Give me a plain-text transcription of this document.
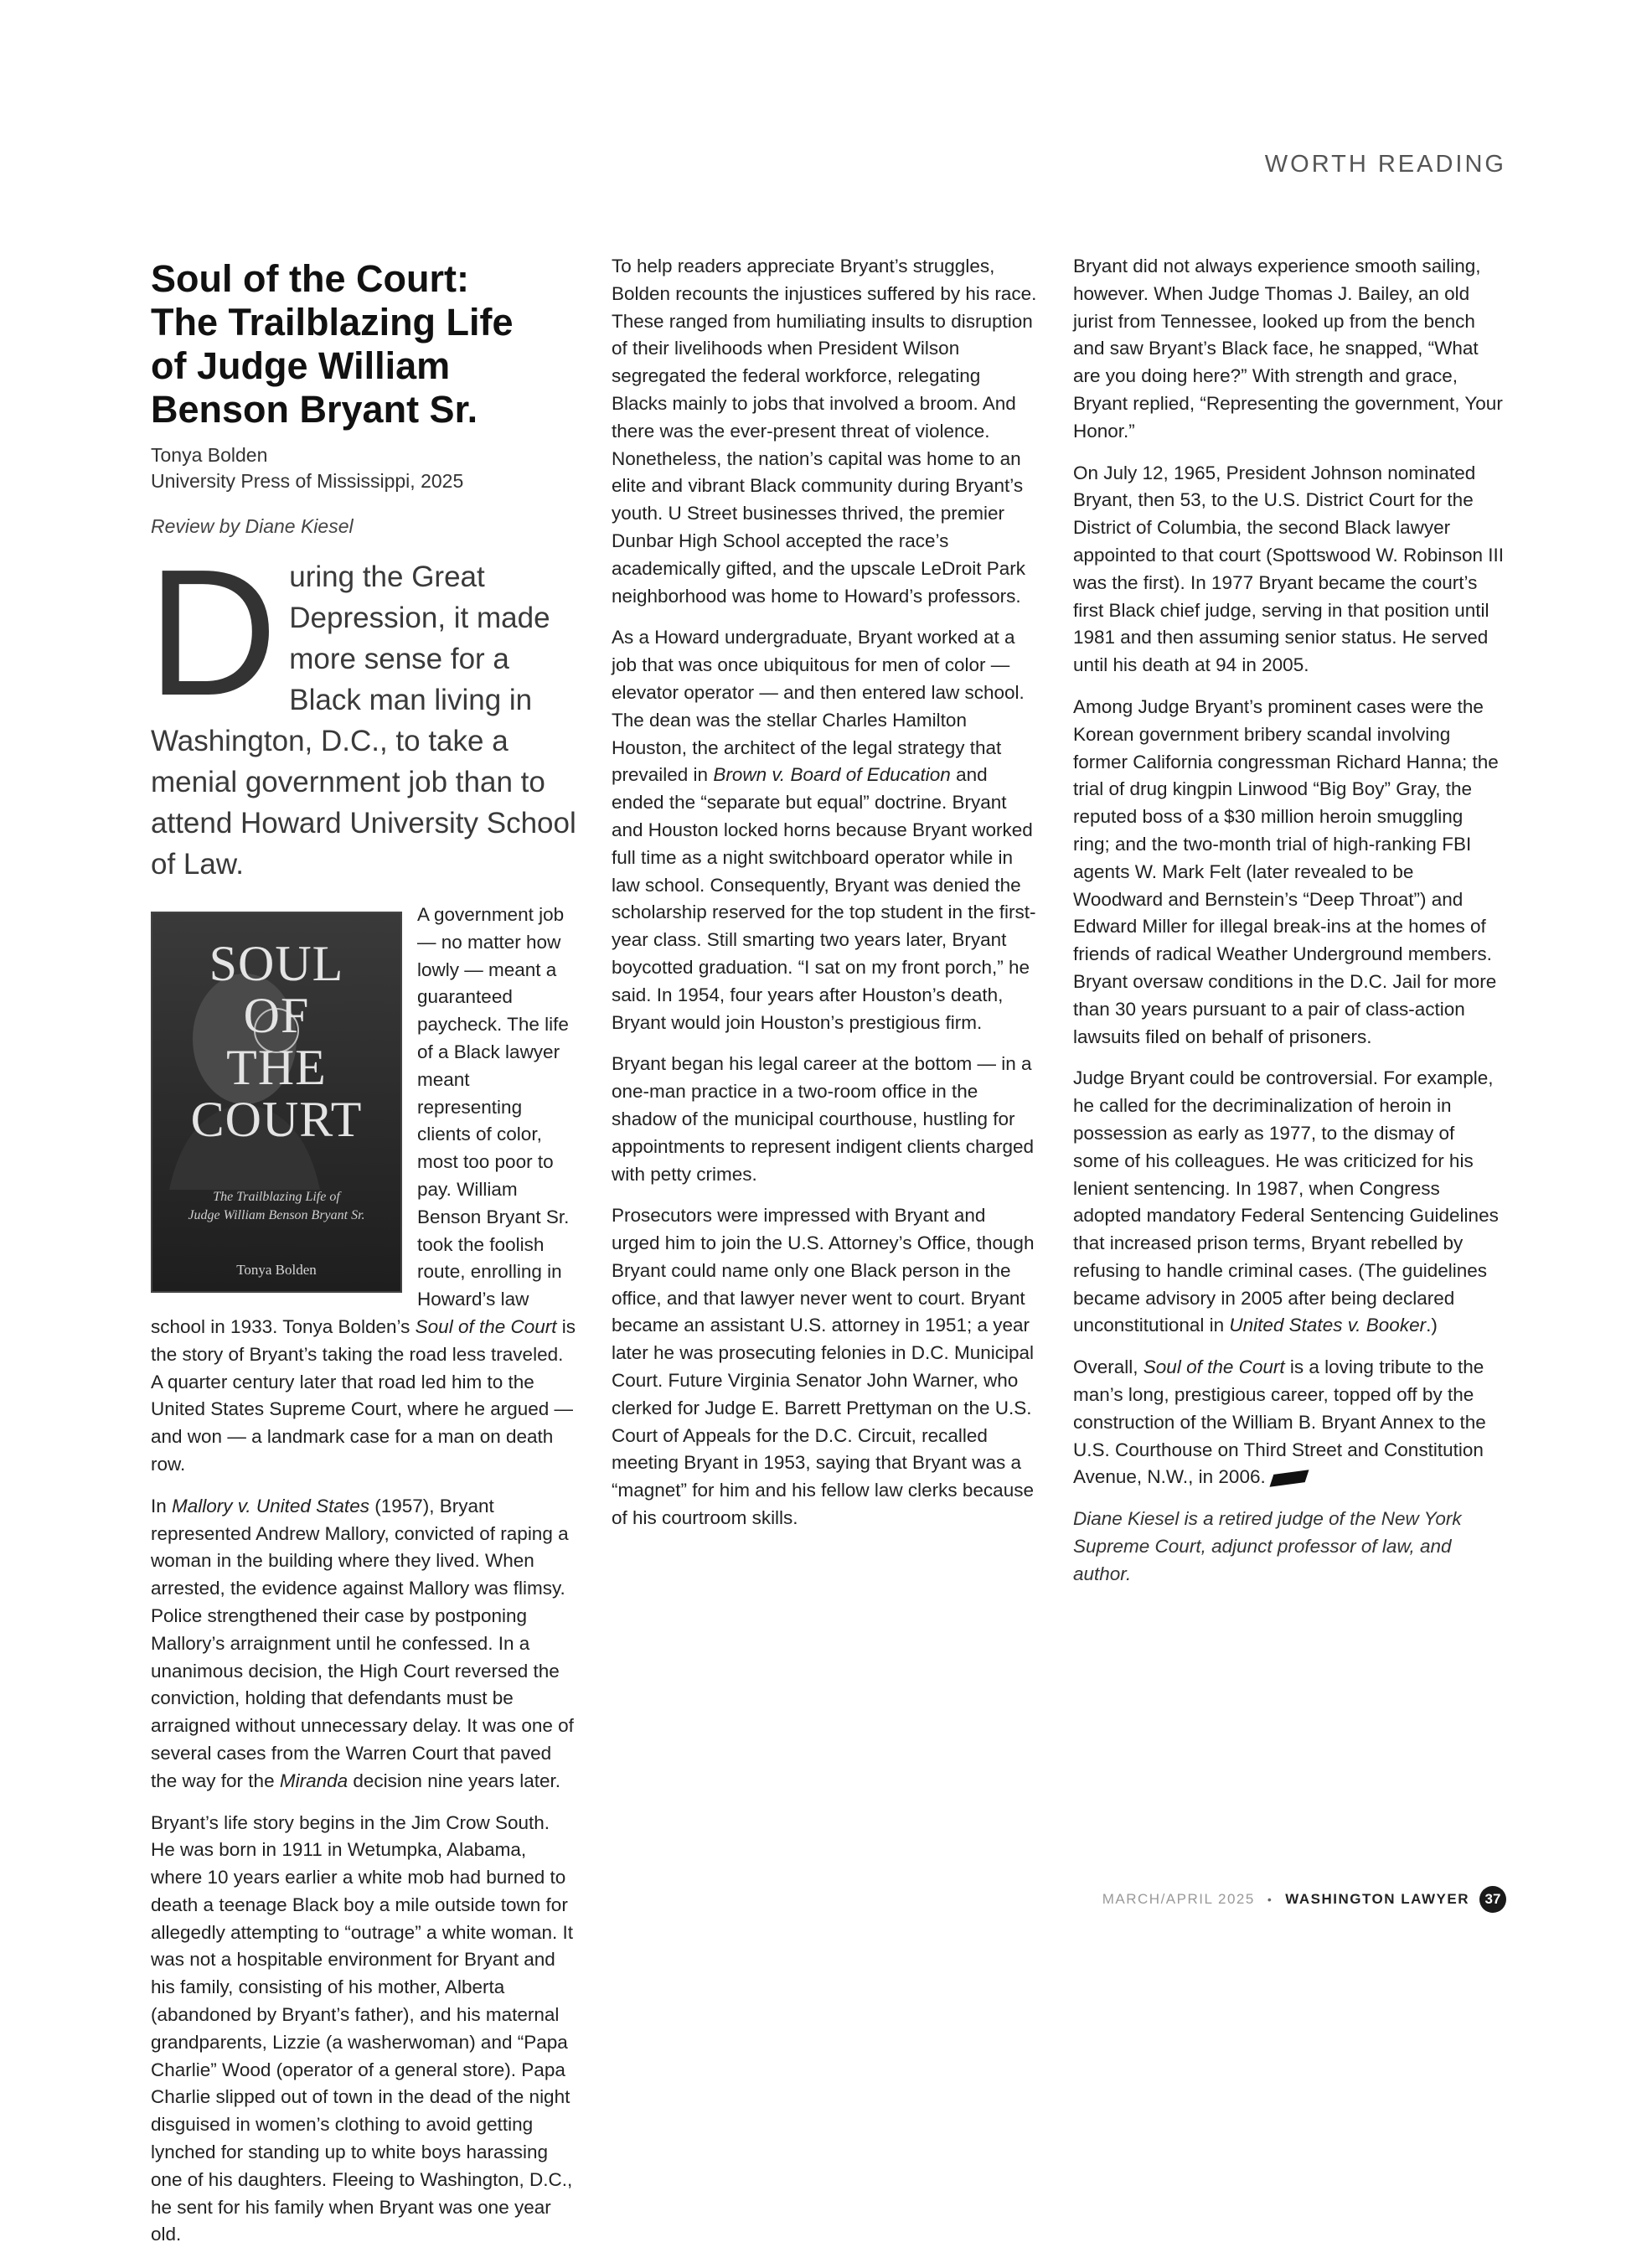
WORTH READING
Soul of the Court:
The Trailblazing Life
of Judge William
Benson Bryant Sr.
Tonya Bolden
University Press of Mississippi, 2025
Review by Diane Kiesel
During the Great Depression, it made more sense for a Black man living in Washington, D.C., to take a menial government job than to attend Howard University School of Law.
SOUL
OF
THE
COURT
The Trailblazing Life of
Judge William Benson Bryant Sr.
Tonya Bolden

A government job — no matter how lowly — meant a guaranteed paycheck. The life of a Black lawyer meant representing clients of color, most too poor to pay. William Benson Bryant Sr. took the foolish route, enrolling in Howard’s law school in 1933. Tonya Bolden’s Soul of the Court is the story of Bryant’s taking the road less traveled. A quarter century later that road led him to the United States Supreme Court, where he argued — and won — a landmark case for a man on death row.

In Mallory v. United States (1957), Bryant represented Andrew Mallory, convicted of raping a woman in the building where they lived. When arrested, the evidence against Mallory was flimsy. Police strengthened their case by postponing Mallory’s arraignment until he confessed. In a unanimous decision, the High Court reversed the conviction, holding that defendants must be arraigned without unnecessary delay. It was one of several cases from the Warren Court that paved the way for the Miranda decision nine years later.

Bryant’s life story begins in the Jim Crow South. He was born in 1911 in Wetumpka, Alabama, where 10 years earlier a white mob had burned to death a teenage Black boy a mile outside town for allegedly attempting to “outrage” a white woman. It was not a hospitable environment for Bryant and his family, consisting of his mother, Alberta (abandoned by Bryant’s father), and his maternal grandparents, Lizzie (a washerwoman) and “Papa Charlie” Wood (operator of a general store). Papa Charlie slipped out of town in the dead of the night disguised in women’s clothing to avoid getting lynched for standing up to white boys harassing one of his daughters. Fleeing to Washington, D.C., he sent for his family when Bryant was one year old.

To help readers appreciate Bryant’s struggles, Bolden recounts the injustices suffered by his race. These ranged from humiliating insults to disruption of their livelihoods when President Wilson segregated the federal workforce, relegating Blacks mainly to jobs that involved a broom. And there was the ever-present threat of violence. Nonetheless, the nation’s capital was home to an elite and vibrant Black community during Bryant’s youth. U Street businesses thrived, the premier Dunbar High School accepted the race’s academically gifted, and the upscale LeDroit Park neighborhood was home to Howard’s professors.

As a Howard undergraduate, Bryant worked at a job that was once ubiquitous for men of color — elevator operator — and then entered law school. The dean was the stellar Charles Hamilton Houston, the architect of the legal strategy that prevailed in Brown v. Board of Education and ended the “separate but equal” doctrine. Bryant and Houston locked horns because Bryant worked full time as a night switchboard operator while in law school. Consequently, Bryant was denied the scholarship reserved for the top student in the first-year class. Still smarting two years later, Bryant boycotted graduation. “I sat on my front porch,” he said. In 1954, four years after Houston’s death, Bryant would join Houston’s prestigious firm.

Bryant began his legal career at the bottom — in a one-man practice in a two-room office in the shadow of the municipal courthouse, hustling for appointments to represent indigent clients charged with petty crimes.

Prosecutors were impressed with Bryant and urged him to join the U.S. Attorney’s Office, though Bryant could name only one Black person in the office, and that lawyer never went to court. Bryant became an assistant U.S. attorney in 1951; a year later he was prosecuting felonies in D.C. Municipal Court. Future Virginia Senator John Warner, who clerked for Judge E. Barrett Prettyman on the U.S. Court of Appeals for the D.C. Circuit, recalled meeting Bryant in 1953, saying that Bryant was a “magnet” for him and his fellow law clerks because of his courtroom skills.

Bryant did not always experience smooth sailing, however. When Judge Thomas J. Bailey, an old jurist from Tennessee, looked up from the bench and saw Bryant’s Black face, he snapped, “What are you doing here?” With strength and grace, Bryant replied, “Representing the government, Your Honor.”

On July 12, 1965, President Johnson nominated Bryant, then 53, to the U.S. District Court for the District of Columbia, the second Black lawyer appointed to that court (Spottswood W. Robinson III was the first). In 1977 Bryant became the court’s first Black chief judge, serving in that position until 1981 and then assuming senior status. He served until his death at 94 in 2005.

Among Judge Bryant’s prominent cases were the Korean government bribery scandal involving former California congressman Richard Hanna; the trial of drug kingpin Linwood “Big Boy” Gray, the reputed boss of a $30 million heroin smuggling ring; and the two-month trial of high-ranking FBI agents W. Mark Felt (later revealed to be Woodward and Bernstein’s “Deep Throat”) and Edward Miller for illegal break-ins at the homes of friends of radical Weather Underground members. Bryant oversaw conditions in the D.C. Jail for more than 30 years pursuant to a pair of class-action lawsuits filed on behalf of prisoners.

Judge Bryant could be controversial. For example, he called for the decriminalization of heroin in possession as early as 1977, to the dismay of some of his colleagues. He was criticized for his lenient sentencing. In 1987, when Congress adopted mandatory Federal Sentencing Guidelines that increased prison terms, Bryant rebelled by refusing to handle criminal cases. (The guidelines became advisory in 2005 after being declared unconstitutional in United States v. Booker.)

Overall, Soul of the Court is a loving tribute to the man’s long, prestigious career, topped off by the construction of the William B. Bryant Annex to the U.S. Courthouse on Third Street and Constitution Avenue, N.W., in 2006.

Diane Kiesel is a retired judge of the New York Supreme Court, adjunct professor of law, and author.

MARCH/APRIL 2025 • WASHINGTON LAWYER	37
